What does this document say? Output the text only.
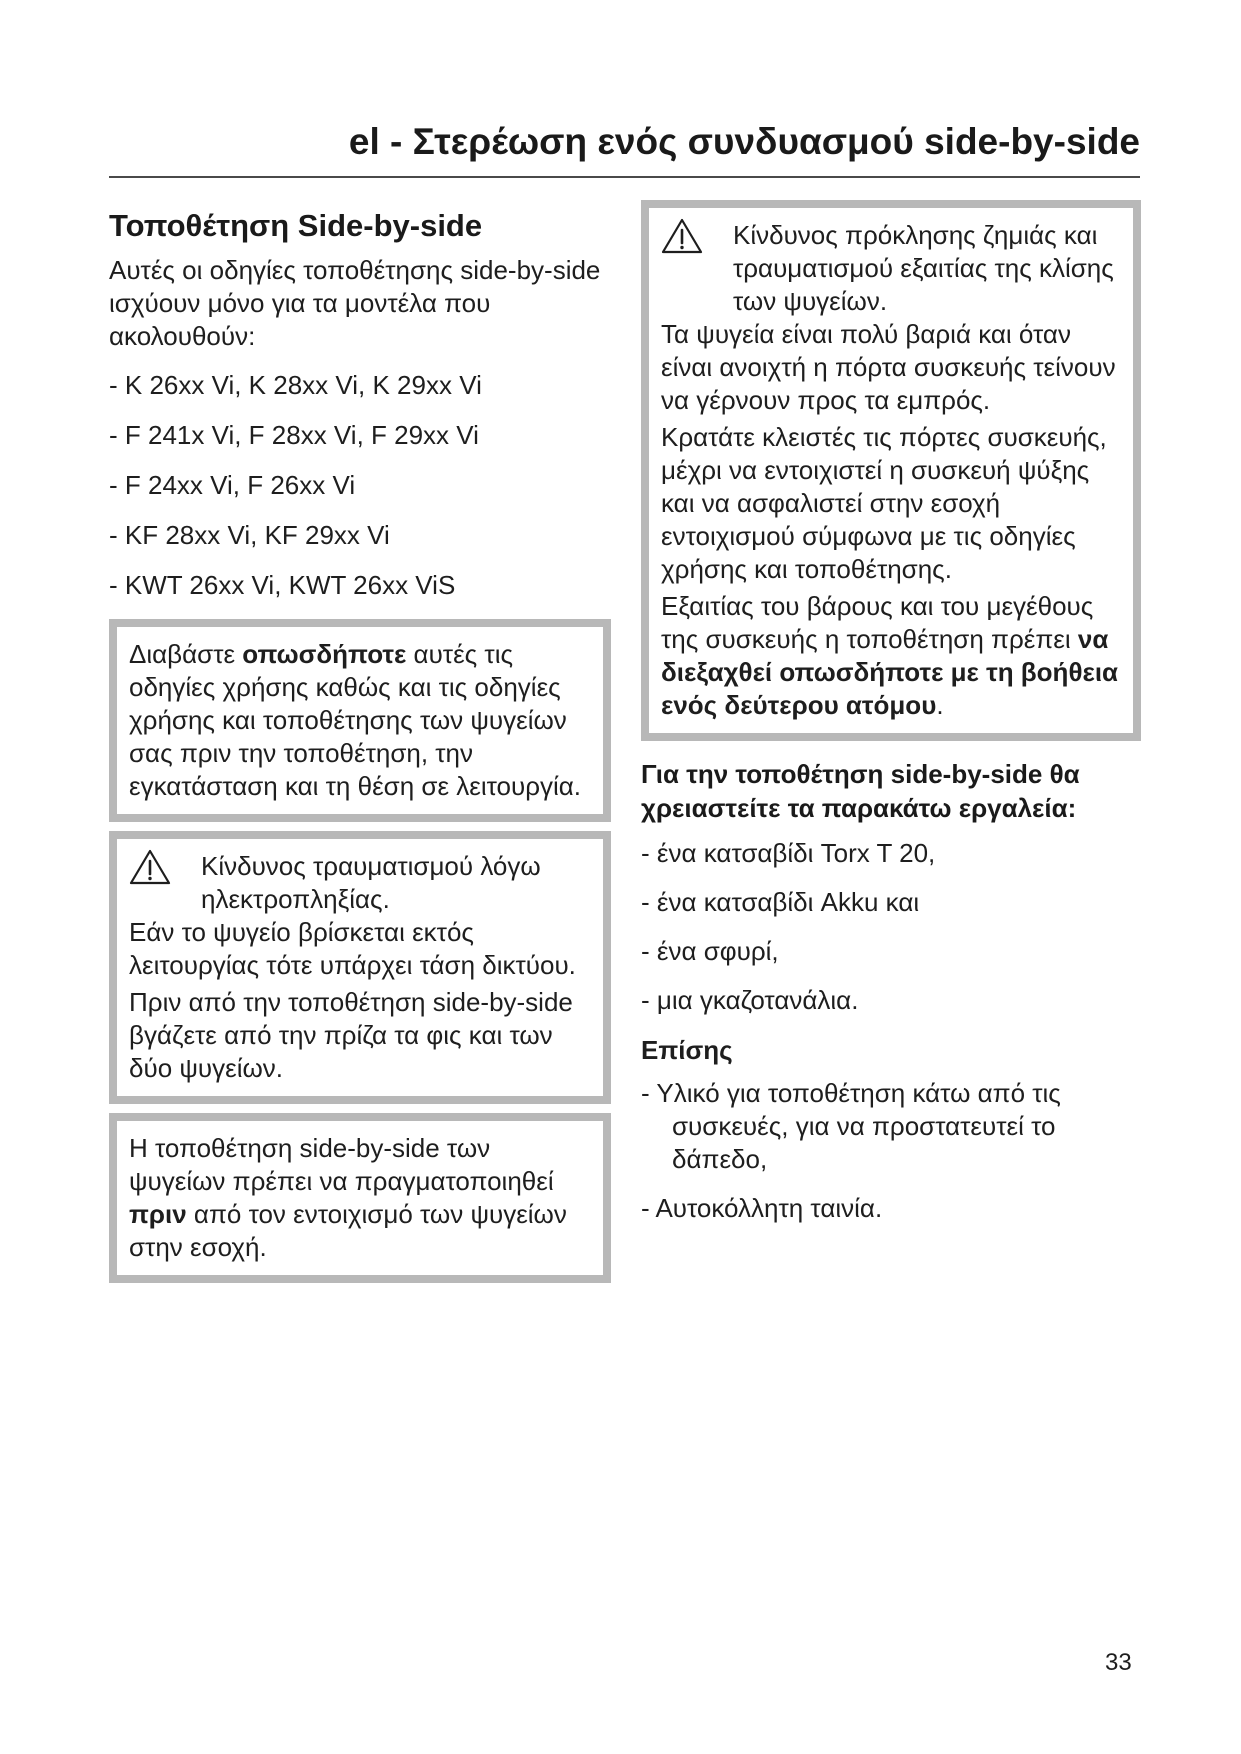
el - Στερέωση ενός συνδυασμού side-by-side
Τοποθέτηση Side-by-side

Αυτές οι οδηγίες τοποθέτησης side-by-side ισχύουν μόνο για τα μοντέλα που ακολουθούν:

- K 26xx Vi, K 28xx Vi, K 29xx Vi
- F 241x Vi, F 28xx Vi, F 29xx Vi
- F 24xx Vi, F 26xx Vi
- KF 28xx Vi, KF 29xx Vi
- KWT 26xx Vi, KWT 26xx ViS

Διαβάστε οπωσδήποτε αυτές τις οδηγίες χρήσης καθώς και τις οδηγίες χρήσης και τοποθέτησης των ψυγείων σας πριν την τοποθέτηση, την εγκατάσταση και τη θέση σε λειτουργία.

Κίνδυνος τραυματισμού λόγω ηλεκτροπληξίας.

Εάν το ψυγείο βρίσκεται εκτός λειτουργίας τότε υπάρχει τάση δικτύου.

Πριν από την τοποθέτηση side-by-side βγάζετε από την πρίζα τα φις και των δύο ψυγείων.

Η τοποθέτηση side-by-side των ψυγείων πρέπει να πραγματοποιηθεί πριν από τον εντοιχισμό των ψυγείων στην εσοχή.

Κίνδυνος πρόκλησης ζημιάς και τραυματισμού εξαιτίας της κλίσης των ψυγείων.

Τα ψυγεία είναι πολύ βαριά και όταν είναι ανοιχτή η πόρτα συσκευής τείνουν να γέρνουν προς τα εμπρός.

Κρατάτε κλειστές τις πόρτες συσκευής, μέχρι να εντοιχιστεί η συσκευή ψύξης και να ασφαλιστεί στην εσοχή εντοιχισμού σύμφωνα με τις οδηγίες χρήσης και τοποθέτησης.

Εξαιτίας του βάρους και του μεγέθους της συσκευής η τοποθέτηση πρέπει να διεξαχθεί οπωσδήποτε με τη βοήθεια ενός δεύτερου ατόμου.

Για την τοποθέτηση side-by-side θα χρειαστείτε τα παρακάτω εργαλεία:

- ένα κατσαβίδι Torx T 20,
- ένα κατσαβίδι Akku και
- ένα σφυρί,
- μια γκαζοτανάλια.

Επίσης

- Υλικό για τοποθέτηση κάτω από τις συσκευές, για να προστατευτεί το δάπεδο,
- Αυτοκόλλητη ταινία.
33
